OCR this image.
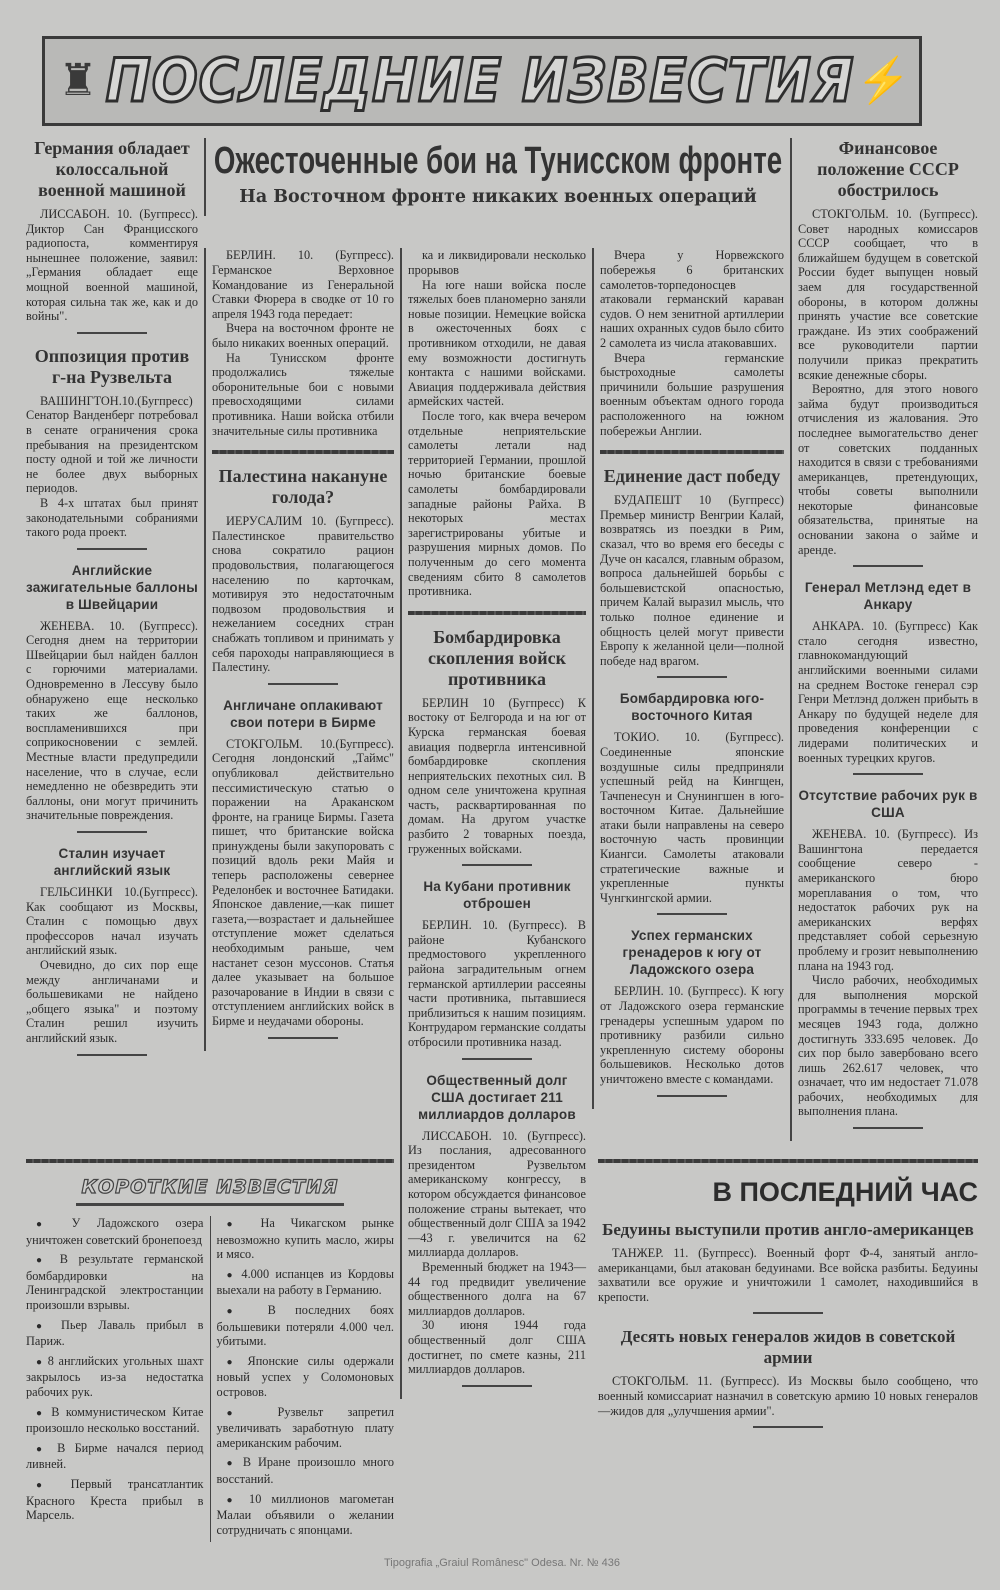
♜ ПОСЛЕДНИЕ ИЗВЕСТИЯ ⚡
Германия обладает колоссальной военной машиной

ЛИССАБОН. 10. (Бугпресс). Диктор Сан Францисского радиопоста, комментируя нынешнее положение, заявил: „Германия обладает еще мощной военной машиной, которая сильна так же, как и до войны".

Оппозиция против г-на Рузвельта

ВАШИНГТОН.10.(Бугпресс) Сенатор Ванденберг потребовал в сенате ограничения срока пребывания на президентском посту одной и той же личности не более двух выборных периодов.

В 4-х штатах был принят законодательными собраниями такого рода проект.

Английские зажигательные баллоны в Швейцарии

ЖЕНЕВА. 10. (Бугпресс). Сегодня днем на территории Швейцарии был найден баллон с горючими материалами. Одновременно в Лессуву было обнаружено еще несколько таких же баллонов, воспламенившихся при соприкосновении с землей. Местные власти предупредили население, что в случае, если немедленно не обезвредить эти баллоны, они могут причинить значительные повреждения.

Сталин изучает английский язык

ГЕЛЬСИНКИ 10.(Бугпресс). Как сообщают из Москвы, Сталин с помощью двух профессоров начал изучать английский язык.

Очевидно, до сих пор еще между англичанами и большевиками не найдено „общего языка" и поэтому Сталин решил изучить английский язык.

Ожесточенные бои на Тунисском фронте
На Восточном фронте никаких военных операций

БЕРЛИН. 10. (Бугпресс). Германское Верховное Командование из Генеральной Ставки Фюрера в сводке от 10 го апреля 1943 года передает:

Вчера на восточном фронте не было никаких военных операций.

На Тунисском фронте продолжались тяжелые оборонительные бои с новыми превосходящими силами противника. Наши войска отбили значительные силы противника

Палестина накануне голода?

ИЕРУСАЛИМ 10. (Бугпресс). Палестинское правительство снова сократило рацион продовольствия, полагающегося населению по карточкам, мотивируя это недостаточным подвозом продовольствия и нежеланием соседних стран снабжать топливом и принимать у себя пароходы направляющиеся в Палестину.

Англичане оплакивают свои потери в Бирме

СТОКГОЛЬМ. 10.(Бугпресс). Сегодня лондонский „Таймс" опубликовал действительно пессимистическую статью о поражении на Араканском фронте, на границе Бирмы. Газета пишет, что британские войска принуждены были закупоровать с позиций вдоль реки Майя и теперь расположены севернее Ределонбек и восточнее Батидаки. Японское давление,—как пишет газета,—возрастает и дальнейшее отступление может сделаться необходимым раньше, чем настанет сезон муссонов. Статья далее указывает на большое разочарование в Индии в связи с отступлением английских войск в Бирме и неудачами обороны.

ка и ликвидировали несколько прорывов

На юге наши войска после тяжелых боев планомерно заняли новые позиции. Немецкие войска в ожесточенных боях с противником отходили, не давая ему возможности достигнуть контакта с нашими войсками. Авиация поддерживала действия армейских частей.

После того, как вчера вечером отдельные неприятельские самолеты летали над территорией Германии, прошлой ночью британские боевые самолеты бомбардировали западные районы Райха. В некоторых местах зарегистрированы убитые и разрушения мирных домов. По полученным до сего момента сведениям сбито 8 самолетов противника.

Бомбардировка скопления войск противника

БЕРЛИН 10 (Бугпресс) К востоку от Белгорода и на юг от Курска германская боевая авиация подвергла интенсивной бомбардировке скопления неприятельских пехотных сил. В одном селе уничтожена крупная часть, расквартированная по домам. На другом участке разбито 2 товарных поезда, груженных войсками.

На Кубани противник отброшен

БЕРЛИН. 10. (Бугпресс). В районе Кубанского предмостового укрепленного района заградительным огнем германской артиллерии рассеяны части противника, пытавшиеся приблизиться к нашим позициям. Контрударом германские солдаты отбросили противника назад.

Общественный долг США достигает 211 миллиардов долларов

ЛИССАБОН. 10. (Бугпресс). Из послания, адресованного президентом Рузвельтом американскому конгрессу, в котором обсуждается финансовое положение страны вытекает, что общественный долг США за 1942—43 г. увеличится на 62 миллиарда долларов.

Временный бюджет на 1943—44 год предвидит увеличение общественного долга на 67 миллиардов долларов.

30 июня 1944 года общественный долг США достигнет, по смете казны, 211 миллиардов долларов.

Вчера у Норвежского побережья 6 британских самолетов-торпедоносцев атаковали германский караван судов. О нем зенитной артиллерии наших охранных судов было сбито 2 самолета из числа атаковавших.

Вчера германские быстроходные самолеты причинили большие разрушения военным объектам одного города расположенного на южном побережьи Англии.

Единение даст победу

БУДАПЕШТ 10 (Бугпресс) Премьер министр Венгрии Калай, возвратясь из поездки в Рим, сказал, что во время его беседы с Дуче он касался, главным образом, вопроса дальнейшей борьбы с большевистской опасностью, причем Калай выразил мысль, что только полное единение и общность целей могут привести Европу к желанной цели—полной победе над врагом.

Бомбардировка юго-восточного Китая

ТОКИО. 10. (Бугпресс). Соединенные японские воздушные силы предприняли успешный рейд на Кингщен, Тачпенесун и Снунингшен в юго-восточном Китае. Дальнейшие атаки были направлены на северо восточную часть провинции Киангси. Самолеты атаковали стратегические важные и укрепленные пункты Чунгкингской армии.

Успех германских гренадеров к югу от Ладожского озера

БЕРЛИН. 10. (Бугпресс). К югу от Ладожского озера германские гренадеры успешным ударом по противнику разбили сильно укрепленную систему обороны большевиков. Несколько дотов уничтожено вместе с командами.

Финансовое положение СССР обострилось

СТОКГОЛЬМ. 10. (Бугпресс). Совет народных комиссаров СССР сообщает, что в ближайшем будущем в советской России будет выпущен новый заем для государственной обороны, в котором должны принять участие все советские граждане. Из этих соображений все руководители партии получили приказ прекратить всякие денежные сборы.

Вероятно, для этого нового займа будут производиться отчисления из жалования. Это последнее вымогательство денег от советских подданных находится в связи с требованиями американцев, претендующих, чтобы советы выполнили некоторые финансовые обязательства, принятые на основании закона о займе и аренде.

Генерал Метлэнд едет в Анкару

АНКАРА. 10. (Бугпресс) Как стало сегодня известно, главнокомандующий английскими военными силами на среднем Востоке генерал сэр Генри Метлэнд должен прибыть в Анкару по будущей неделе для проведения конференции с лидерами политических и военных турецких кругов.

Отсутствие рабочих рук в США

ЖЕНЕВА. 10. (Бугпресс). Из Вашингтона передается сообщение северо - американского бюро мореплавания о том, что недостаток рабочих рук на американских верфях представляет собой серьезную проблему и грозит невыполнению плана на 1943 год.

Число рабочих, необходимых для выполнения морской программы в течение первых трех месяцев 1943 года, должно достигнуть 333.695 человек. До сих пор было завербовано всего лишь 262.617 человек, что означает, что им недостает 71.078 рабочих, необходимых для выполнения плана.

КОРОТКИЕ ИЗВЕСТИЯ
● У Ладожского озера уничтожен советский бронепоезд
● В результате германской бомбардировки на Ленинградской электростанции произошли взрывы.
● Пьер Лаваль прибыл в Париж.
● 8 английских угольных шахт закрылось из-за недостатка рабочих рук.
● В коммунистическом Китае произошло несколько восстаний.
● В Бирме начался период ливней.
● Первый трансатлантик Красного Креста прибыл в Марсель.
● На Чикагском рынке невозможно купить масло, жиры и мясо.
● 4.000 испанцев из Кордовы выехали на работу в Германию.
● В последних боях большевики потеряли 4.000 чел. убитыми.
● Японские силы одержали новый успех у Соломоновых островов.
● Рузвельт запретил увеличивать заработную плату американским рабочим.
● В Иране произошло много восстаний.
● 10 миллионов магометан Малаи объявили о желании сотрудничать с японцами.
В ПОСЛЕДНИЙ ЧАС
Бедуины выступили против англо-американцев

ТАНЖЕР. 11. (Бугпресс). Военный форт Ф-4, занятый англо-американцами, был атакован бедуинами. Все войска разбиты. Бедуины захватили все оружие и уничтожили 1 самолет, находившийся в крепости.

Десять новых генералов жидов в советской армии

СТОКГОЛЬМ. 11. (Бугпресс). Из Москвы было сообщено, что военный комиссариат назначил в советскую армию 10 новых генералов—жидов для „улучшения армии".

Tipografia „Graiul Românesc" Odesa. Nr. № 436
